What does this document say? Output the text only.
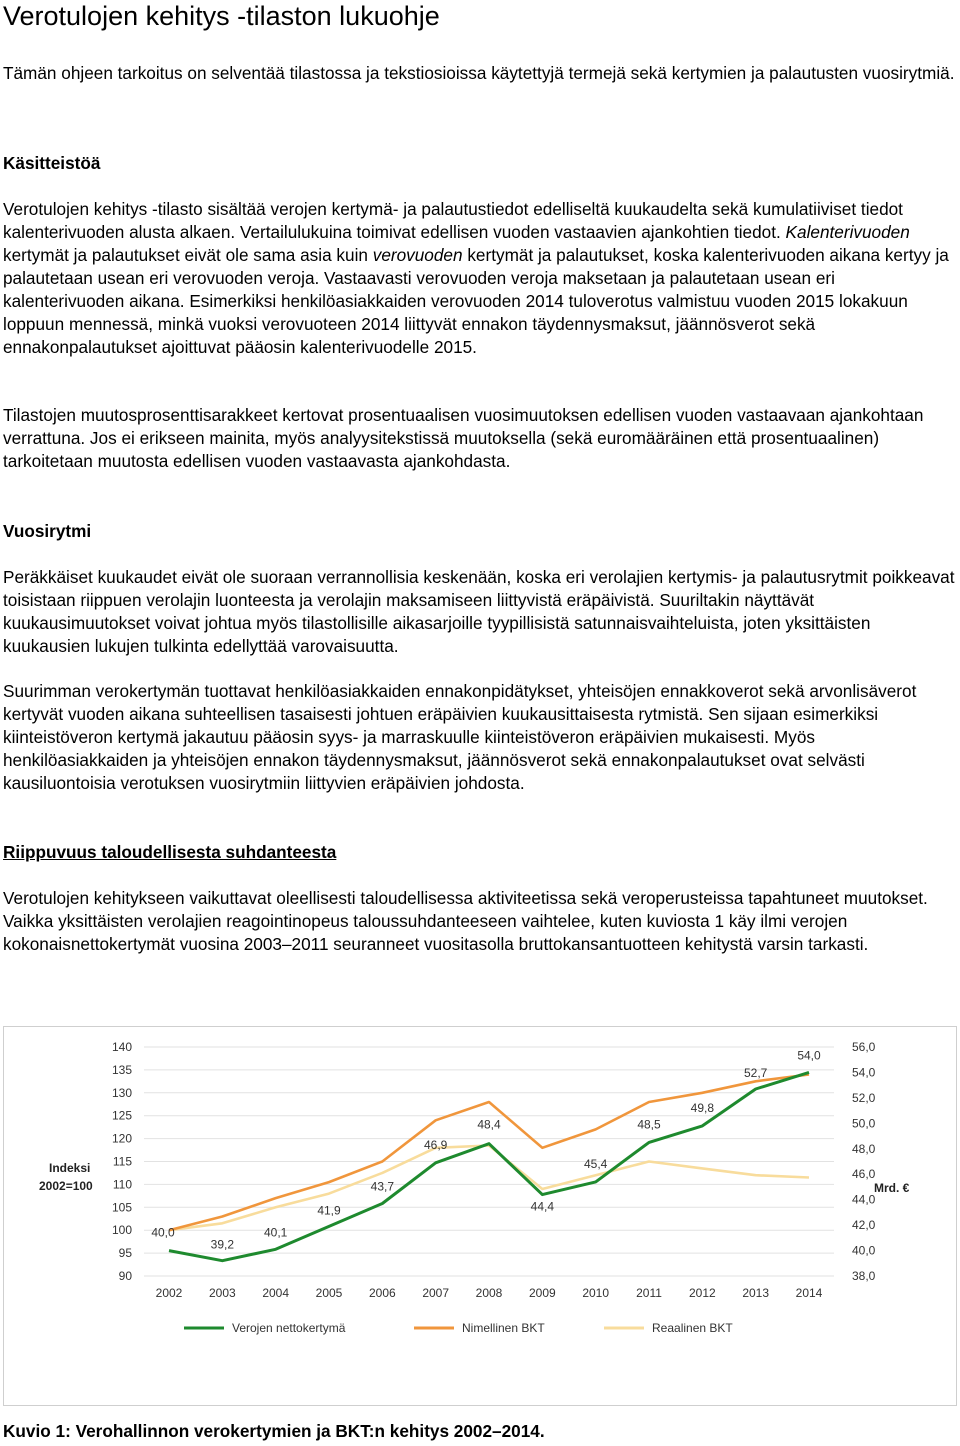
Verotulojen kehitys -tilaston lukuohje

Tämän ohjeen tarkoitus on selventää tilastossa ja tekstiosioissa käytettyjä termejä sekä kertymien ja palautusten vuosirytmiä.

Käsitteistöä

Verotulojen kehitys -tilasto sisältää verojen kertymä- ja palautustiedot edelliseltä kuukaudelta sekä kumulatiiviset tiedot kalenterivuoden alusta alkaen. Vertailulukuina toimivat edellisen vuoden vastaavien ajankohtien tiedot. Kalenterivuoden kertymät ja palautukset eivät ole sama asia kuin verovuoden kertymät ja palautukset, koska kalenterivuoden aikana kertyy ja palautetaan usean eri verovuoden veroja. Vastaavasti verovuoden veroja maksetaan ja palautetaan usean eri kalenterivuoden aikana. Esimerkiksi henkilöasiakkaiden verovuoden 2014 tuloverotus valmistuu vuoden 2015 lokakuun loppuun mennessä, minkä vuoksi verovuoteen 2014 liittyvät ennakon täydennysmaksut, jäännösverot sekä ennakonpalautukset ajoittuvat pääosin kalenterivuodelle 2015.

Tilastojen muutosprosenttisarakkeet kertovat prosentuaalisen vuosimuutoksen edellisen vuoden vastaavaan ajankohtaan verrattuna. Jos ei erikseen mainita, myös analyysitekstissä muutoksella (sekä euromääräinen että prosentuaalinen) tarkoitetaan muutosta edellisen vuoden vastaavasta ajankohdasta.

Vuosirytmi

Peräkkäiset kuukaudet eivät ole suoraan verrannollisia keskenään, koska eri verolajien kertymis- ja palautusrytmit poikkeavat toisistaan riippuen verolajin luonteesta ja verolajin maksamiseen liittyvistä eräpäivistä. Suuriltakin näyttävät kuukausimuutokset voivat johtua myös tilastollisille aikasarjoille tyypillisistä satunnaisvaihteluista, joten yksittäisten kuukausien lukujen tulkinta edellyttää varovaisuutta.

Suurimman verokertymän tuottavat henkilöasiakkaiden ennakonpidätykset, yhteisöjen ennakkoverot sekä arvonlisäverot kertyvät vuoden aikana suhteellisen tasaisesti johtuen eräpäivien kuukausittaisesta rytmistä. Sen sijaan esimerkiksi kiinteistöveron kertymä jakautuu pääosin syys- ja marraskuulle kiinteistöveron eräpäivien mukaisesti. Myös henkilöasiakkaiden ja yhteisöjen ennakon täydennysmaksut, jäännösverot sekä ennakonpalautukset ovat selvästi kausiluontoisia verotuksen vuosirytmiin liittyvien eräpäivien johdosta.

Riippuvuus taloudellisesta suhdanteesta

Verotulojen kehitykseen vaikuttavat oleellisesti taloudellisessa aktiviteetissa sekä veroperusteissa tapahtuneet muutokset. Vaikka yksittäisten verolajien reagointinopeus taloussuhdanteeseen vaihtelee, kuten kuviosta 1 käy ilmi verojen kokonaisnettokertymät vuosina 2003–2011 seuranneet vuositasolla bruttokansantuotteen kehitystä varsin tarkasti.

90
95
100
105
110
115
120
125
130
135
140
38,0
40,0
42,0
44,0
46,0
48,0
50,0
52,0
54,0
56,0
2002 2003 2004 2005 2006 2007 2008 2009 2010 2011 2012 2013 2014
Indeksi
2002=100	Mrd. €
40,0
39,2
40,1
41,9
43,7
46,9
48,4
44,4
45,4
48,5
49,8
52,7
54,0
Verojen nettokertymä	Nimellinen BKT	Reaalinen BKT
Kuvio 1: Verohallinnon verokertymien ja BKT:n kehitys 2002–2014.
